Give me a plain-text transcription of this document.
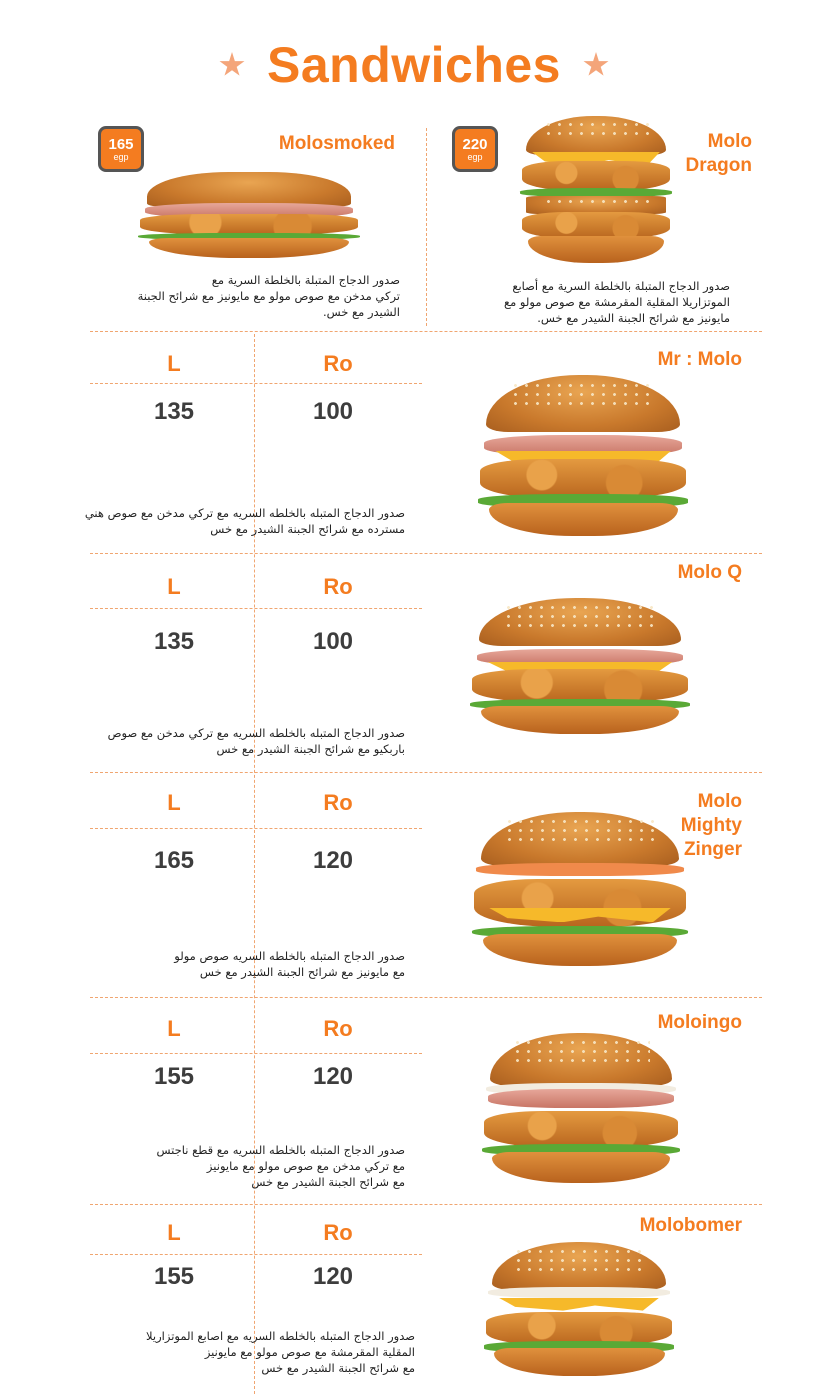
Sandwiches
165
egp
Molosmoked
صدور الدجاج المتبلة بالخلطة السرية مع
تركي مدخن مع صوص مولو مع مايونيز مع شرائح الجبنة
الشيدر مع خس.
220
egp
Molo
Dragon
صدور الدجاج المتبلة بالخلطة السرية مع أصابع
الموتزاريلا المقلية المقرمشة مع صوص مولو مع
مايونيز مع شرائح الجبنة الشيدر مع خس.
Mr : Molo
L	Ro
135	100
صدور الدجاج المتبله بالخلطه السريه مع تركي مدخن مع صوص هني
مسترده مع شرائح الجبنة الشيدر مع خس
Molo Q
L	Ro
135	100
صدور الدجاج المتبله بالخلطه السريه مع تركي مدخن مع صوص
باربكيو مع شرائح الجبنة الشيدر مع خس
Molo
Mighty
Zinger
L	Ro
165	120
صدور الدجاج المتبله بالخلطه السريه صوص مولو
مع مايونيز مع شرائح الجبنة الشيدر مع خس
Moloingo
L	Ro
155	120
صدور الدجاج المتبله بالخلطه السريه مع قطع ناجتس
مع تركي مدخن مع صوص مولو مع مايونيز
مع شرائح الجبنة الشيدر مع خس
Molobomer
L	Ro
155	120
صدور الدجاج المتبله بالخلطه السريه مع اصابع الموتزاريلا
المقلية المقرمشة مع صوص مولو مع مايونيز
مع شرائح الجبنة الشيدر مع خس
